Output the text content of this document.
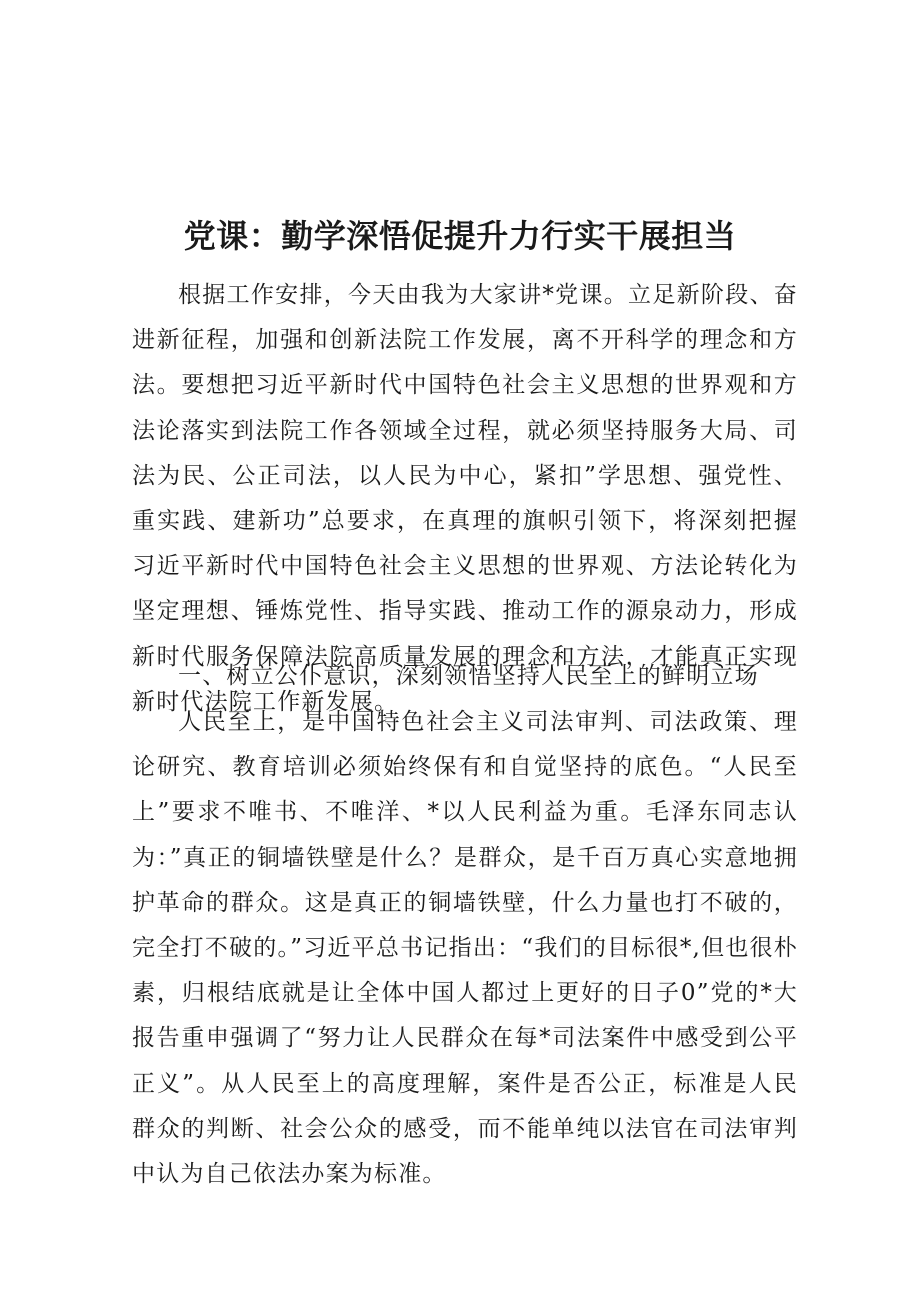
党课：勤学深悟促提升力行实干展担当

根据工作安排，今天由我为大家讲*党课。立足新阶段、奋进新征程，加强和创新法院工作发展，离不开科学的理念和方法。要想把习近平新时代中国特色社会主义思想的世界观和方法论落实到法院工作各领域全过程，就必须坚持服务大局、司法为民、公正司法，以人民为中心，紧扣”学思想、强党性、重实践、建新功”总要求，在真理的旗帜引领下，将深刻把握习近平新时代中国特色社会主义思想的世界观、方法论转化为坚定理想、锤炼党性、指导实践、推动工作的源泉动力，形成新时代服务保障法院高质量发展的理念和方法，才能真正实现新时代法院工作新发展。

一、树立公仆意识，深刻领悟坚持人民至上的鲜明立场

人民至上，是中国特色社会主义司法审判、司法政策、理论研究、教育培训必须始终保有和自觉坚持的底色。“人民至上”要求不唯书、不唯洋、*以人民利益为重。毛泽东同志认为：”真正的铜墙铁壁是什么？是群众，是千百万真心实意地拥护革命的群众。这是真正的铜墙铁壁，什么力量也打不破的，完全打不破的。”习近平总书记指出：“我们的目标很*,但也很朴素，归根结底就是让全体中国人都过上更好的日子0”党的*大报告重申强调了“努力让人民群众在每*司法案件中感受到公平正义”。从人民至上的高度理解，案件是否公正，标准是人民群众的判断、社会公众的感受，而不能单纯以法官在司法审判中认为自己依法办案为标准。
